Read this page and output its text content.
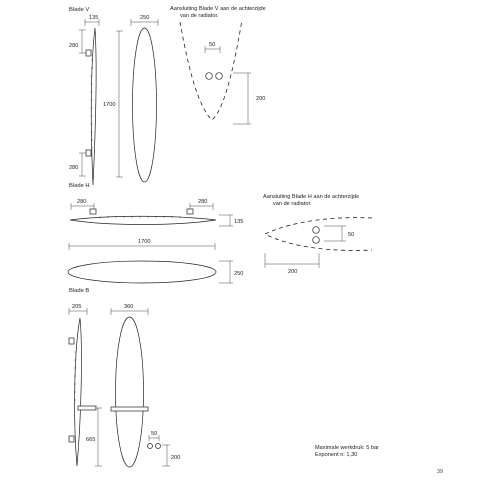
Blade V
135
280
280
1700
250
Aansluiting Blade V aan de achterzijde
van de radiator.
50
200
Blade H
280	280
135
1700
250
Aansluiting Blade H aan de achterzijde
van de radiator.
50
200
Blade B
205
665
360
50
200
Maximale werkdruk: 5 bar
Exponent n: 1,30
39
